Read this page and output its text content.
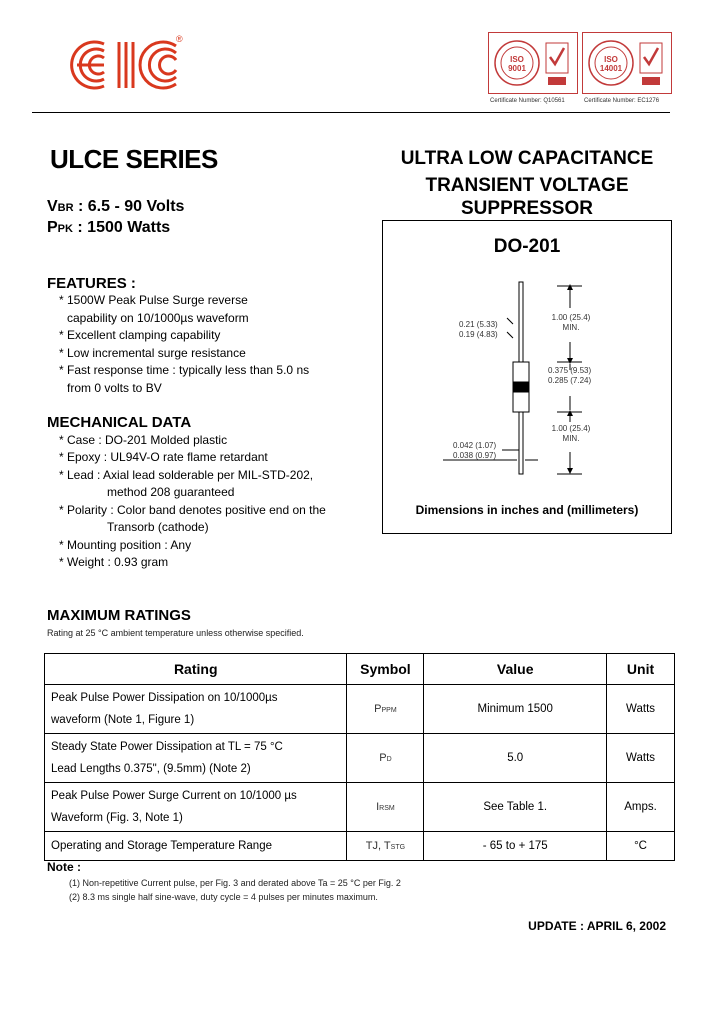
®
ISO 9001
ISO 14001
Certificate Number: Q10561	Certificate Number: EC1276
ULCE SERIES
VBR : 6.5 - 90 Volts
PPK : 1500 Watts
ULTRA LOW CAPACITANCE
TRANSIENT VOLTAGE
SUPPRESSOR
FEATURES :
* 1500W Peak Pulse Surge reverse
capability on 10/1000µs waveform
* Excellent clamping capability
* Low incremental surge resistance
* Fast response time : typically less than 5.0 ns
from 0 volts to BV
MECHANICAL DATA
* Case : DO-201 Molded plastic
* Epoxy : UL94V-O rate flame retardant
* Lead : Axial lead solderable per MIL-STD-202,
method 208 guaranteed
* Polarity : Color band denotes positive end on the
Transorb (cathode)
* Mounting position : Any
* Weight : 0.93 gram
DO-201
1.00 (25.4)
MIN.
0.21 (5.33)
0.19 (4.83)
0.375 (9.53)
0.285 (7.24)
1.00 (25.4)
MIN.
0.042 (1.07)
0.038 (0.97)
Dimensions in inches and (millimeters)
MAXIMUM RATINGS
Rating at 25 °C ambient temperature unless otherwise specified.
Rating	Symbol	Value	Unit

Peak Pulse Power Dissipation on 10/1000µs
waveform (Note 1, Figure 1)	PPPM	Minimum 1500	Watts

Steady State Power Dissipation at TL = 75 °C
Lead Lengths 0.375", (9.5mm) (Note 2)	PD	5.0	Watts

Peak Pulse Power Surge Current on 10/1000 µs
Waveform (Fig. 3, Note 1)	IRSM	See Table 1.	Amps.

Operating and Storage Temperature Range	TJ, TSTG	- 65 to + 175	°C
Note :
(1) Non-repetitive Current pulse, per Fig. 3 and derated above Ta = 25 °C per Fig. 2
(2) 8.3 ms single half sine-wave, duty cycle = 4 pulses per minutes maximum.
UPDATE : APRIL 6, 2002
